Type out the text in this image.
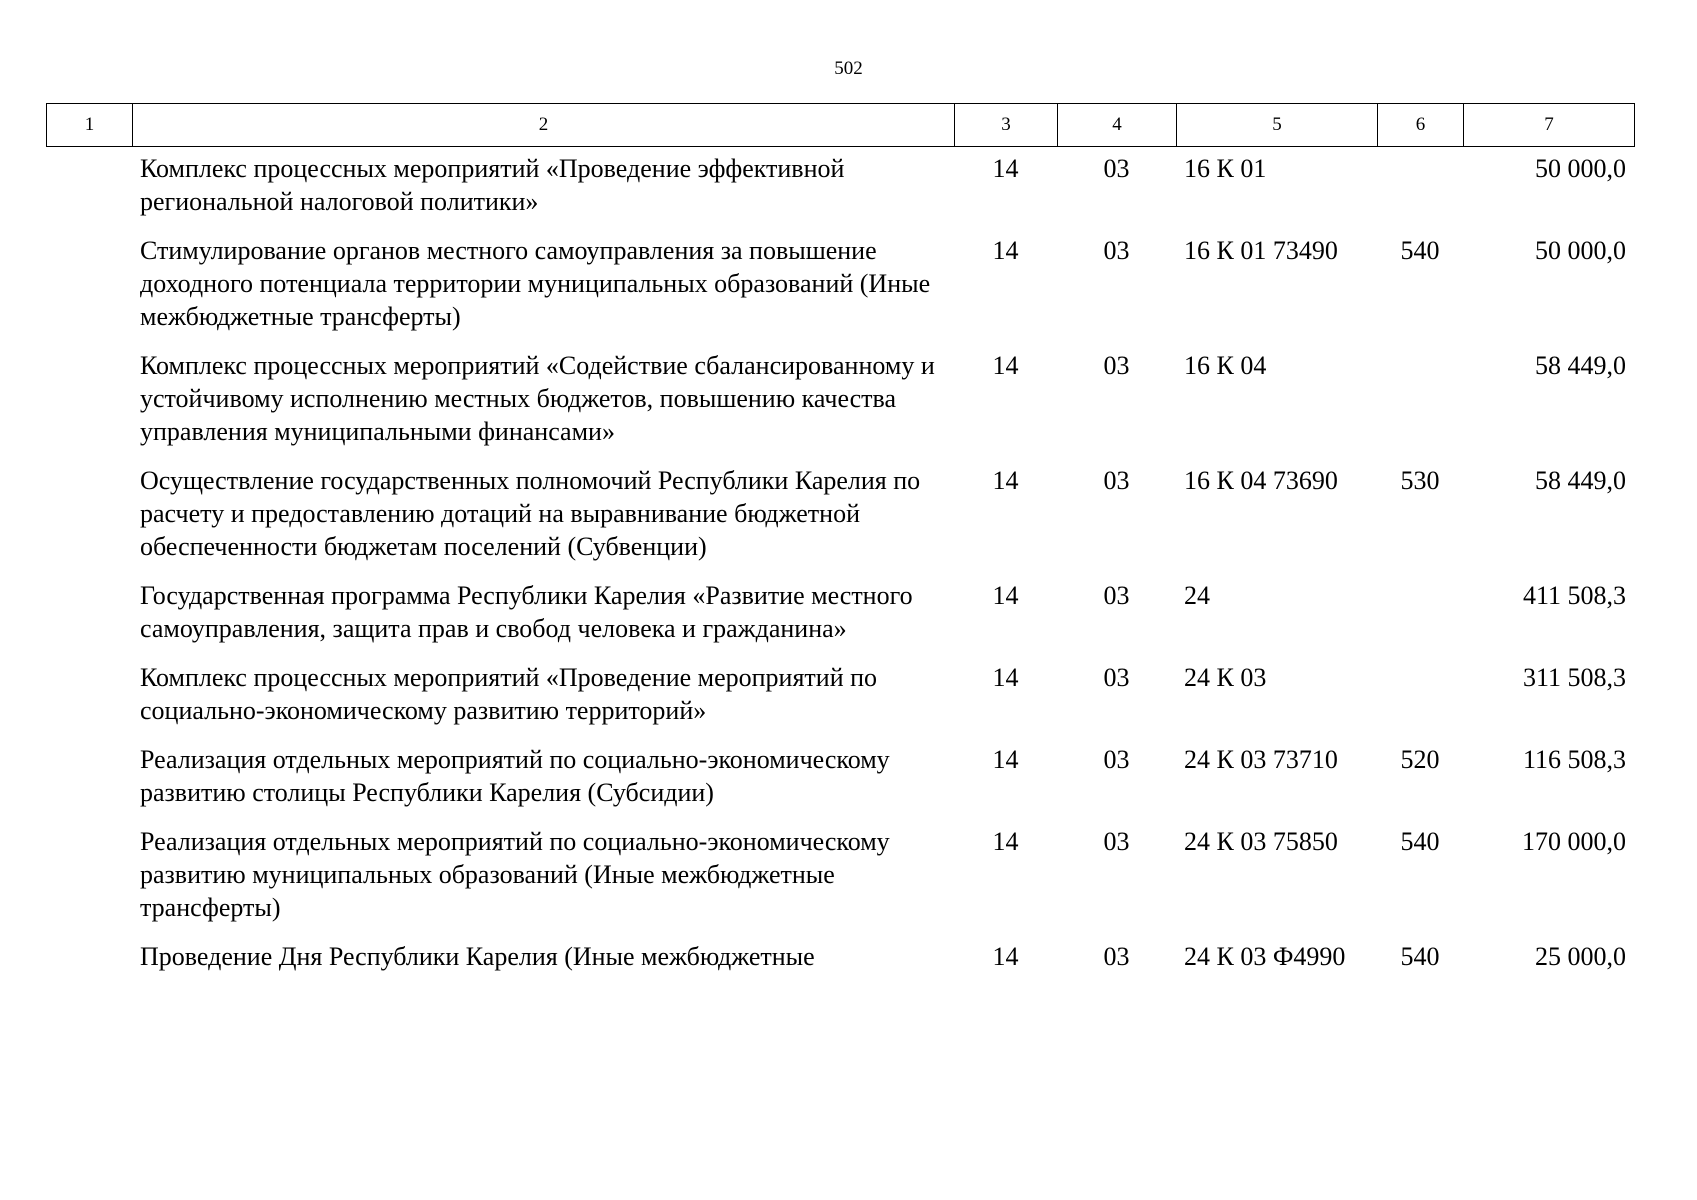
502
1	2	3	4	5	6	7
	Комплекс процессных мероприятий «Проведение эффективной региональной налоговой политики»	14	03	16 К 01		50 000,0
	Стимулирование органов местного самоуправления за повышение доходного потенциала территории муниципальных образований (Иные межбюджетные трансферты)	14	03	16 К 01 73490	540	50 000,0
	Комплекс процессных мероприятий «Содействие сбалансированному и устойчивому исполнению местных бюджетов, повышению качества управления муниципальными финансами»	14	03	16 К 04		58 449,0
	Осуществление государственных полномочий Республики Карелия по расчету и предоставлению дотаций на выравнивание бюджетной обеспеченности бюджетам поселений (Субвенции)	14	03	16 К 04 73690	530	58 449,0
	Государственная программа Республики Карелия «Развитие местного самоуправления, защита прав и свобод человека и гражданина»	14	03	24		411 508,3
	Комплекс процессных мероприятий «Проведение мероприятий по социально-экономическому развитию территорий»	14	03	24 К 03		311 508,3
	Реализация отдельных мероприятий по социально-экономическому развитию столицы Республики Карелия (Субсидии)	14	03	24 К 03 73710	520	116 508,3
	Реализация отдельных мероприятий по социально-экономическому развитию муниципальных образований (Иные межбюджетные трансферты)	14	03	24 К 03 75850	540	170 000,0
	Проведение Дня Республики Карелия (Иные межбюджетные	14	03	24 К 03 Ф4990	540	25 000,0
